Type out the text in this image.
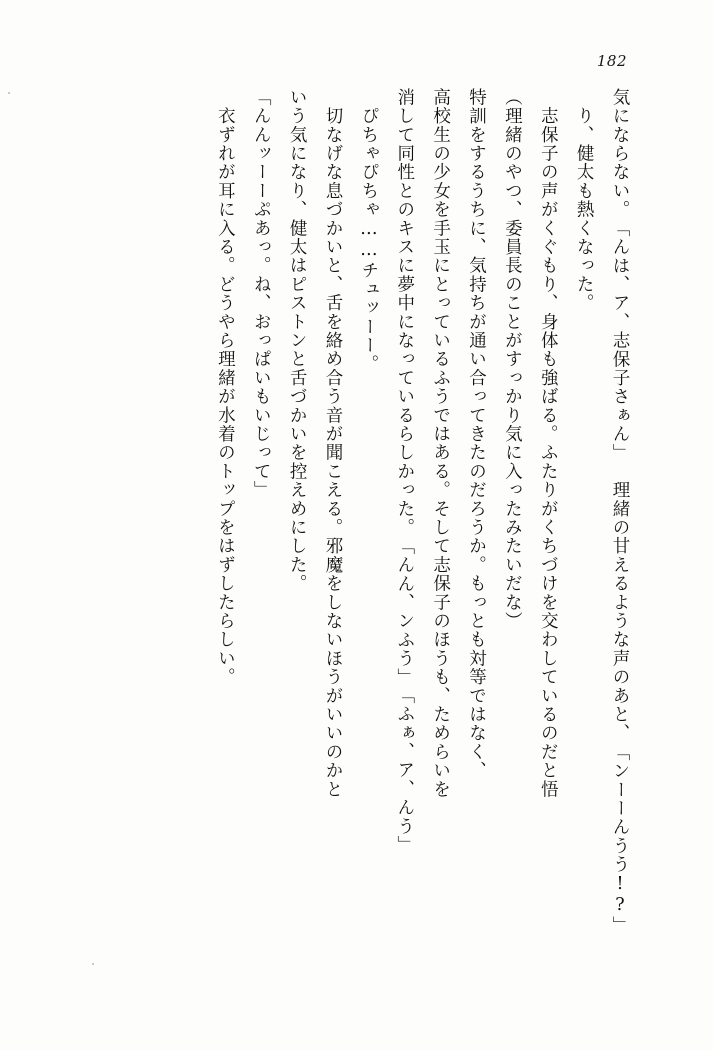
182
気にならない。
「んは、ア、志保子さぁん」
　理緒の甘えるような声のあと、
「ンーーんうう!?」
　り、健太も熱くなった。
　志保子の声がくぐもり、身体も強ばる。ふたりがくちづけを交わしているのだと悟
（理緒のやつ、委員長のことがすっかり気に入ったみたいだな）
特訓をするうちに、気持ちが通い合ってきたのだろうか。もっとも対等ではなく、
高校生の少女を手玉にとっているふうではある。そして志保子のほうも、ためらいを
消して同性とのキスに夢中になっているらしかった。
「んん、ンふう」
「ふぁ、ア、んう」
　ぴちゃぴちゃ……チュッーー。
　切なげな息づかいと、舌を絡め合う音が聞こえる。邪魔をしないほうがいいのかと
いう気になり、健太はピストンと舌づかいを控えめにした。
「んんッーーぷあっ。ね、おっぱいもいじって」
　衣ずれが耳に入る。どうやら理緒が水着のトップをはずしたらしい。
